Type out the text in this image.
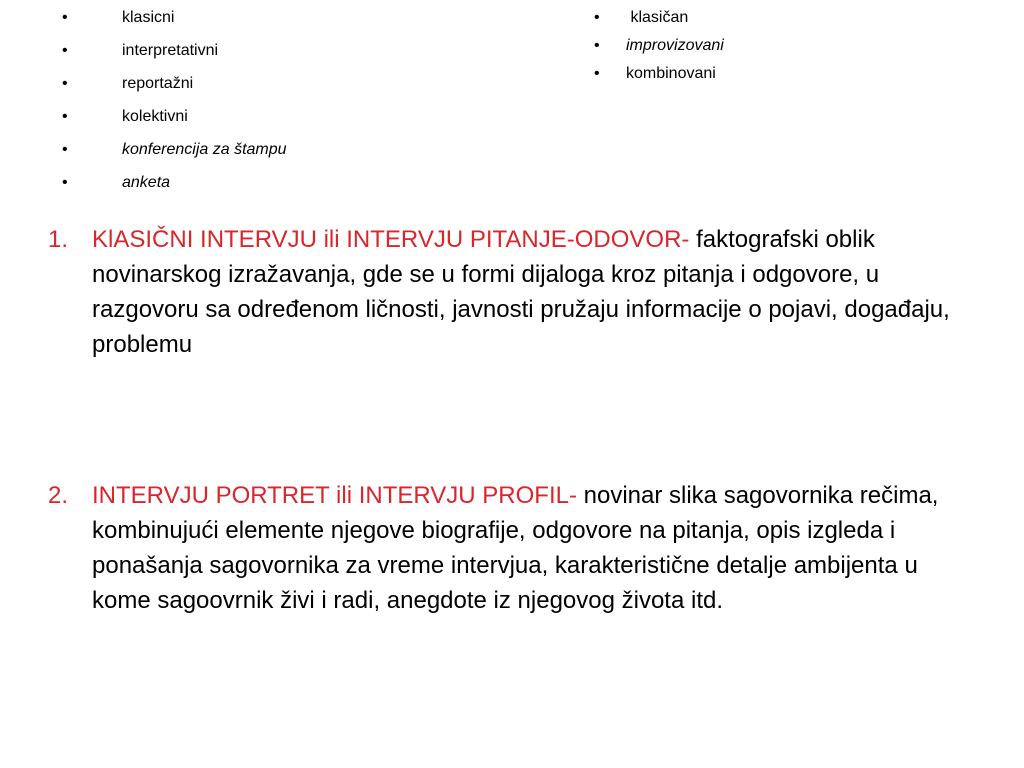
•	klasicni
•	interpretativni
•	reportažni
•	kolektivni
•	konferencija za štampu
•	anketa
•	klasičan
•	improvizovani
•	kombinovani
1. KlASIČNI INTERVJU ili INTERVJU PITANJE-ODOVOR- faktografski oblik novinarskog izražavanja, gde se u formi dijaloga kroz pitanja i odgovore, u razgovoru sa određenom ličnosti, javnosti pružaju informacije o pojavi, događaju, problemu
2. INTERVJU PORTRET ili INTERVJU PROFIL- novinar slika sagovornika rečima, kombinujući elemente njegove biografije, odgovore na pitanja, opis izgleda i ponašanja sagovornika za vreme intervjua, karakteristične detalje ambijenta u kome sagoovrnik živi i radi, anegdote iz njegovog života itd.
